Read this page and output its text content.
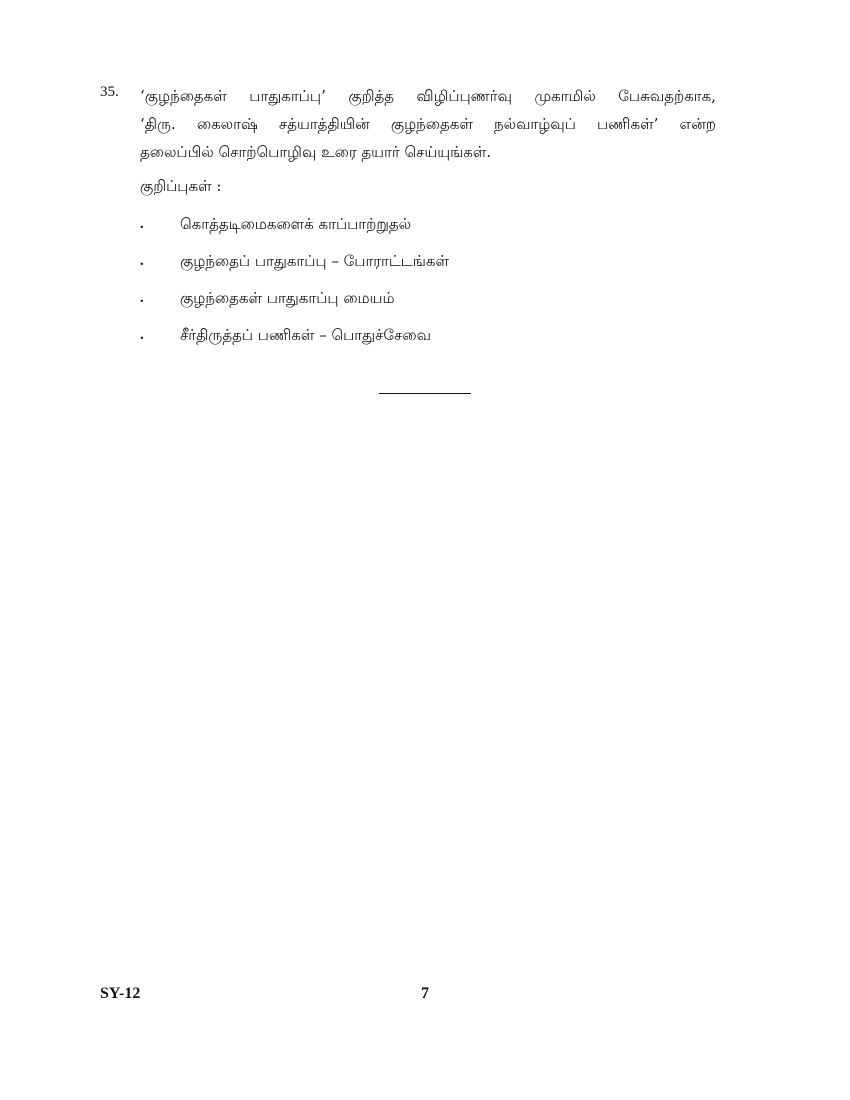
35. ‘குழந்தைகள் பாதுகாப்பு’ குறித்த விழிப்புணர்வு முகாமில் பேசுவதற்காக,
‘திரு. கைலாஷ் சத்யாத்தியின் குழந்தைகள் நல்வாழ்வுப் பணிகள்’ என்ற
தலைப்பில் சொற்பொழிவு உரை தயார் செய்யுங்கள்.
குறிப்புகள் :
.	கொத்தடிமைகளைக் காப்பாற்றுதல்
.	குழந்தைப் பாதுகாப்பு – போராட்டங்கள்
.	குழந்தைகள் பாதுகாப்பு மையம்
.	சீர்திருத்தப் பணிகள் – பொதுச்சேவை
SY-12	7
